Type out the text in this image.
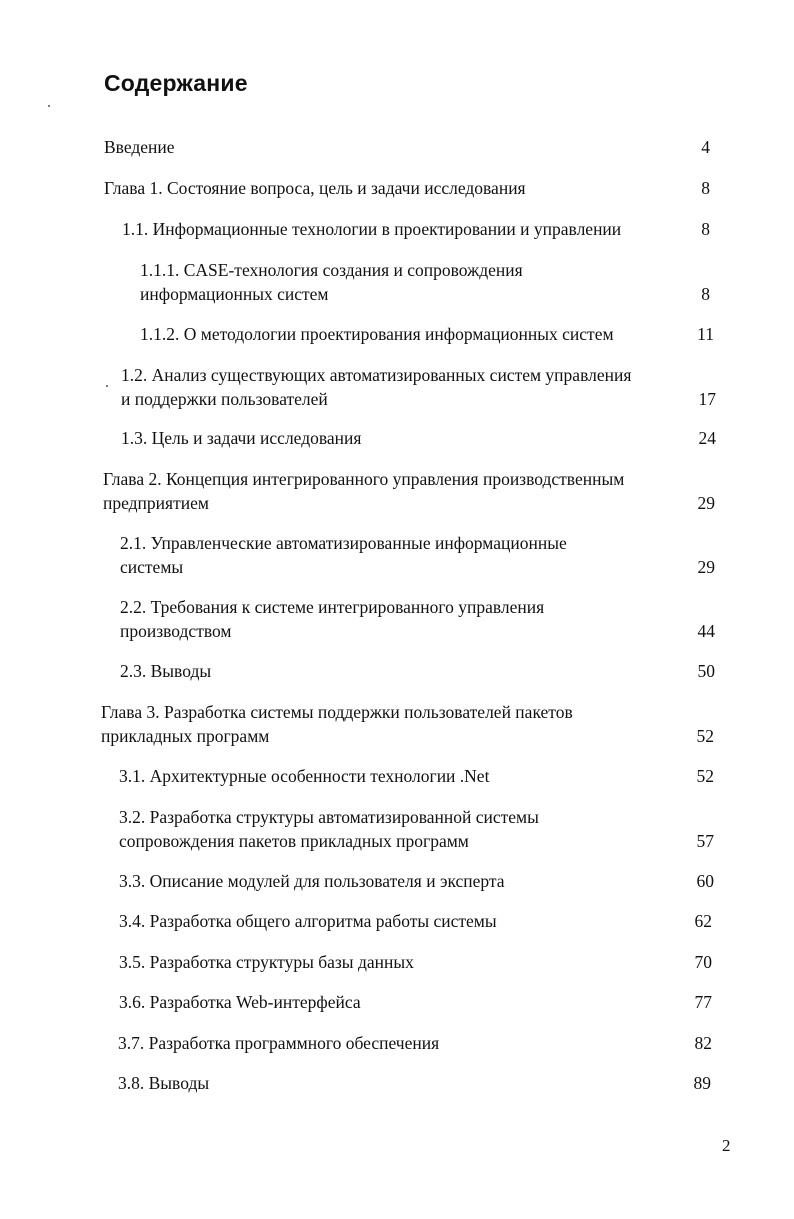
Содержание
Введение	4
Глава 1. Состояние вопроса, цель и задачи исследования	8
1.1. Информационные технологии в проектировании и управлении	8
1.1.1. CASE-технология создания и сопровождения
информационных систем	8
1.1.2. О методологии проектирования информационных систем	11
1.2. Анализ существующих автоматизированных систем управления
и поддержки пользователей	17
1.3. Цель и задачи исследования	24
Глава 2. Концепция интегрированного управления производственным
предприятием	29
2.1. Управленческие автоматизированные информационные
системы	29
2.2. Требования к системе интегрированного управления
производством	44
2.3. Выводы	50
Глава 3. Разработка системы поддержки пользователей пакетов
прикладных программ	52
3.1. Архитектурные особенности технологии .Net	52
3.2. Разработка структуры автоматизированной системы
сопровождения пакетов прикладных программ	57
3.3. Описание модулей для пользователя и эксперта	60
3.4. Разработка общего алгоритма работы системы	62
3.5. Разработка структуры базы данных	70
3.6. Разработка Web-интерфейса	77
3.7. Разработка программного обеспечения	82
3.8. Выводы	89
2
